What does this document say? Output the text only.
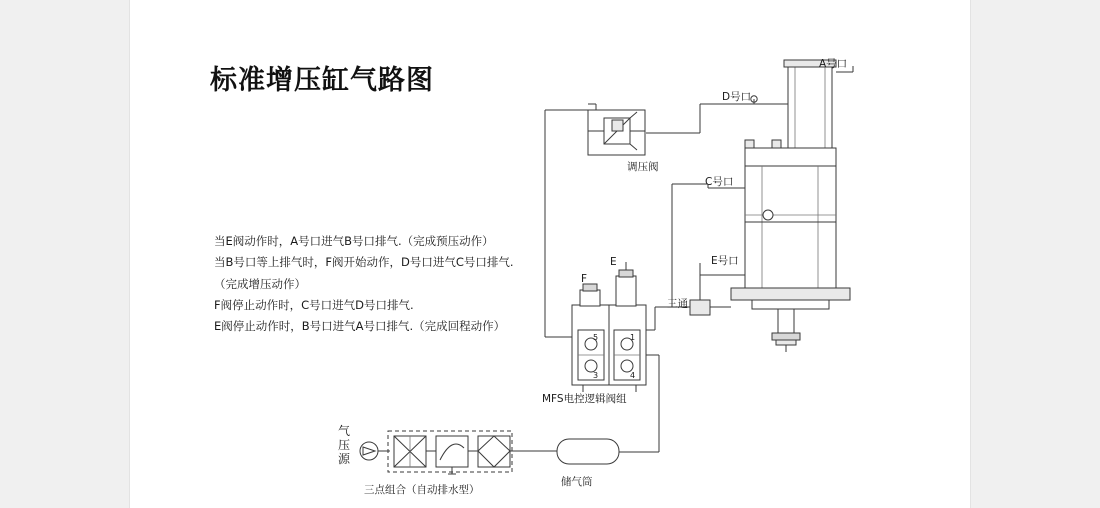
标准增压缸气路图
当E阀动作时，A号口进气B号口排气.（完成预压动作）
当B号口等上排气时，F阀开始动作，D号口进气C号口排气.
（完成增压动作）
F阀停止动作时，C号口进气D号口排气.
E阀停止动作时，B号口进气A号口排气.（完成回程动作）
A号口
D号口
C号口
E号口
调压阀
E
F
三通
MFS电控逻辑阀组
储气筒
三点组合（自动排水型）
5	1
3	4
气
压
源
